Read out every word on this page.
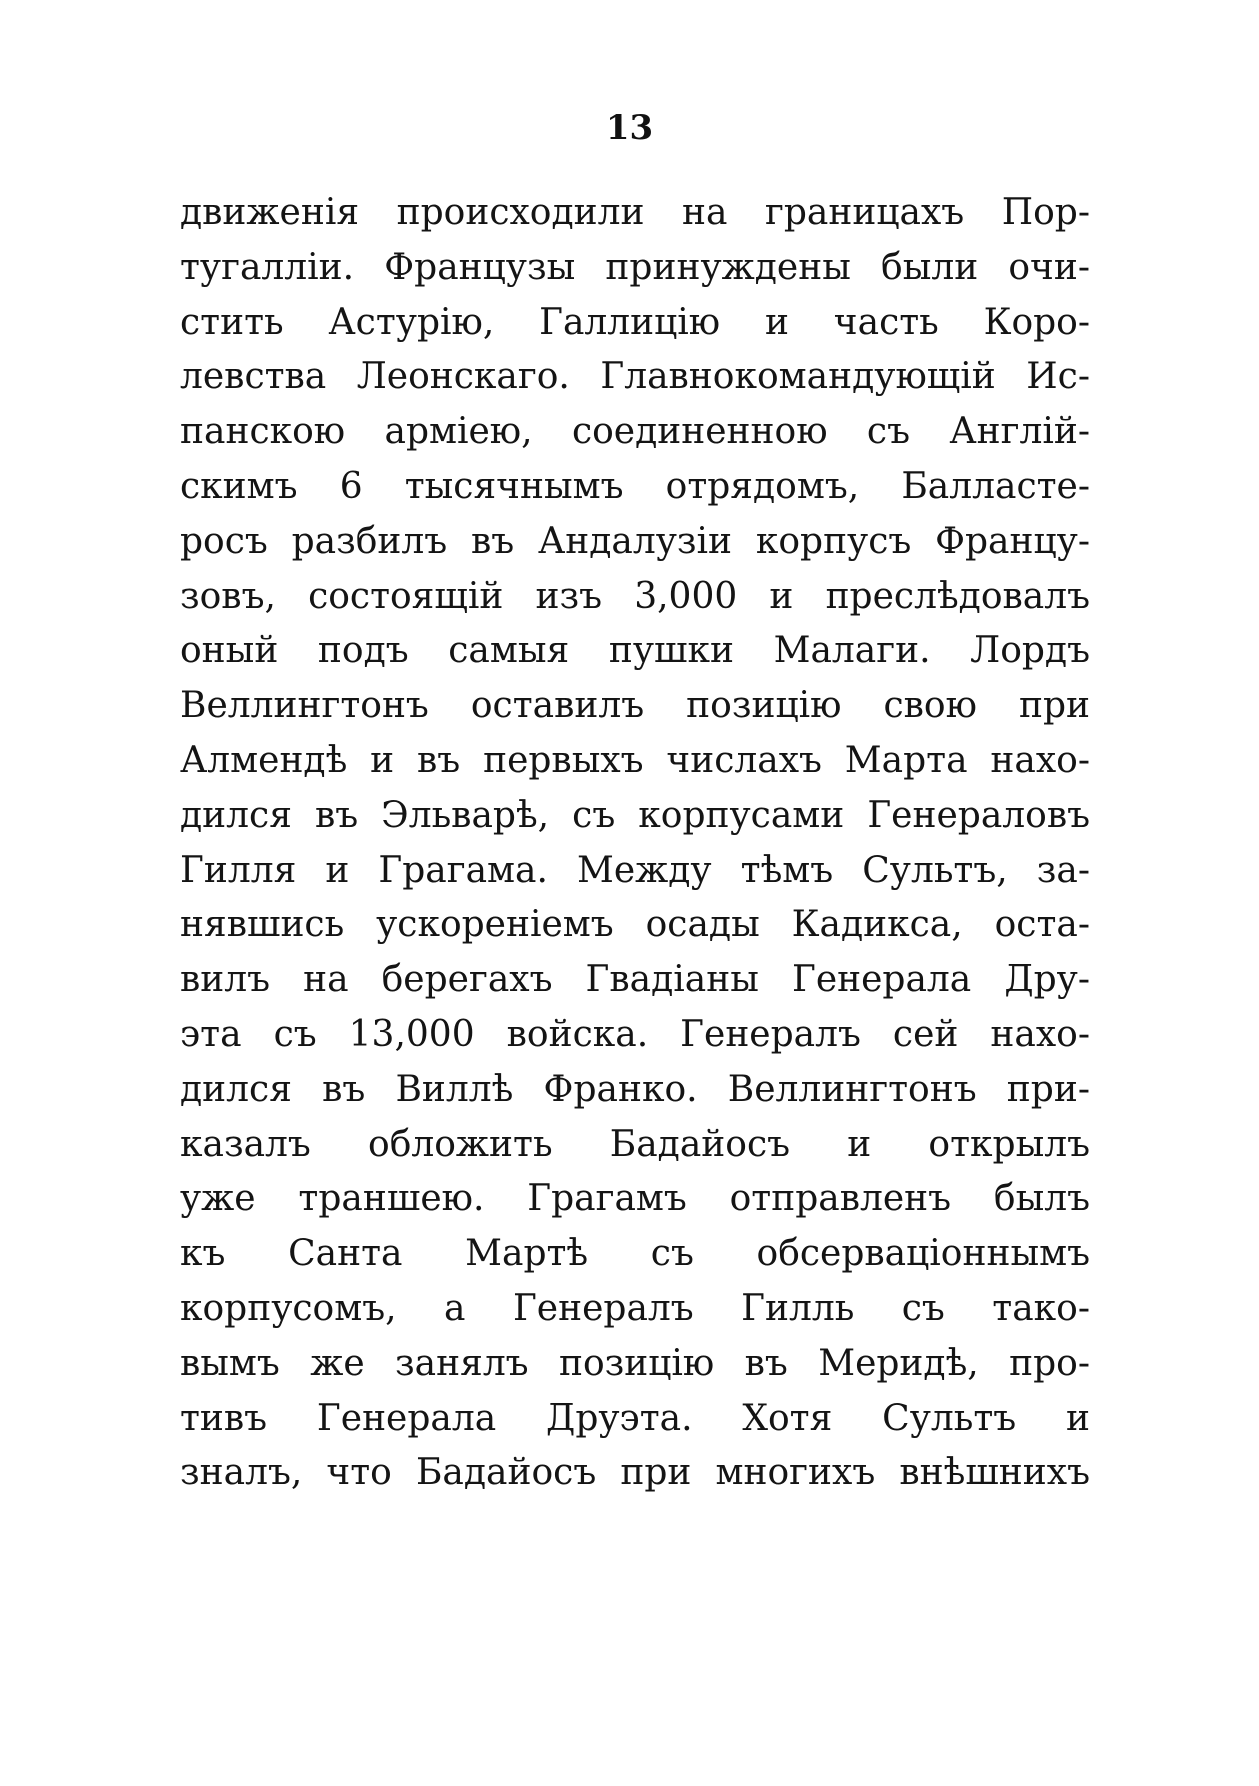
13
движенія происходили на границахъ Пор-
тугалліи. Французы принуждены были очи-
стить Астурію, Галлицію и часть Коро-
левства Леонскаго. Главнокомандующій Ис-
панскою арміею, соединенною съ Англій-
скимъ 6 тысячнымъ отрядомъ, Балласте-
росъ разбилъ въ Андалузіи корпусъ Францу-
зовъ, состоящій изъ 3,000 и преслѣдовалъ
оный подъ самыя пушки Малаги. Лордъ
Веллингтонъ оставилъ позицію свою при
Алмендѣ и въ первыхъ числахъ Марта нахо-
дился въ Эльварѣ, съ корпусами Генераловъ
Гилля и Грагама. Между тѣмъ Сультъ, за-
нявшись ускореніемъ осады Кадикса, оста-
вилъ на берегахъ Гвадіаны Генерала Дру-
эта съ 13,000 войска. Генералъ сей нахо-
дился въ Виллѣ Франко. Веллингтонъ при-
казалъ обложить Бадайосъ и открылъ
уже траншею. Грагамъ отправленъ былъ
къ Санта Мартѣ съ обсерваціоннымъ
корпусомъ, а Генералъ Гилль съ тако-
вымъ же занялъ позицію въ Меридѣ, про-
тивъ Генерала Друэта. Хотя Сультъ и
зналъ, что Бадайосъ при многихъ внѣшнихъ
